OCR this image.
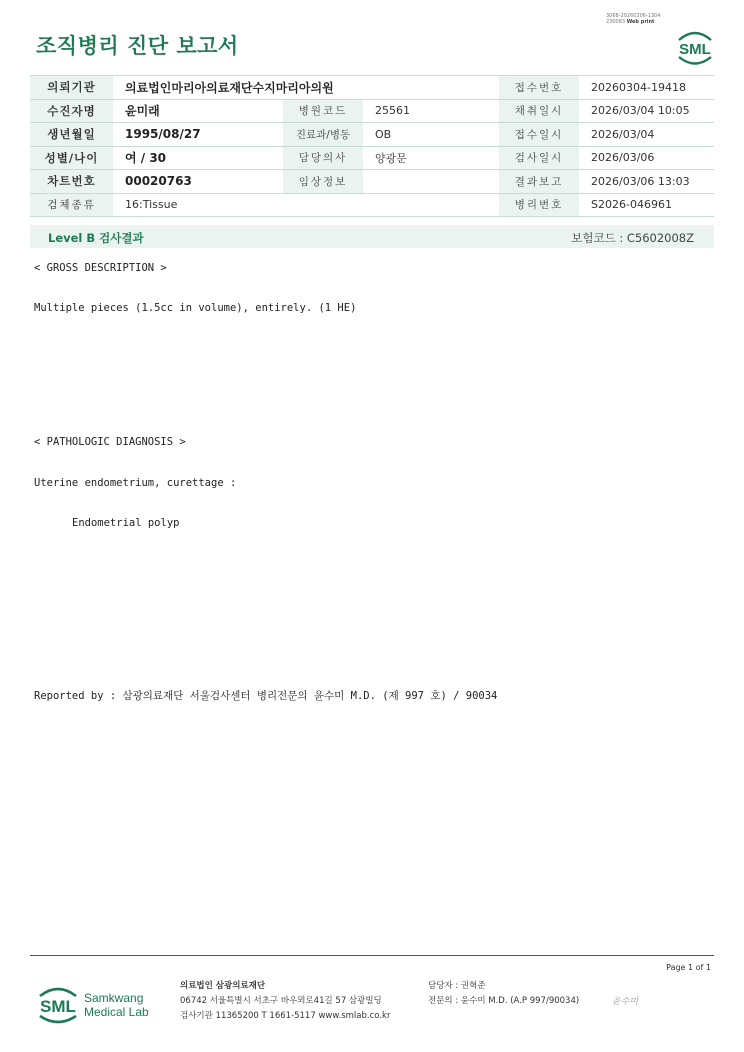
조직병리 진단 보고서
3068-20260306-1304
230083 Web print
SML
의뢰기관	의료법인마리아의료재단수지마리아의원			접수번호	20260304-19418
수진자명	윤미래	병원코드	25561	채취일시	2026/03/04 10:05
생년월일	1995/08/27	진료과/병동	OB	접수일시	2026/03/04
성별/나이	여 / 30	담당의사	양광문	검사일시	2026/03/06
차트번호	00020763	임상정보		결과보고	2026/03/06 13:03
검체종류	16:Tissue			병리번호	S2026-046961
Level B 검사결과	보험코드 : C5602008Z
< GROSS DESCRIPTION >
Multiple pieces (1.5cc in volume), entirely. (1 HE)
< PATHOLOGIC DIAGNOSIS >
Uterine endometrium, curettage :
Endometrial polyp
Reported by : 삼광의료재단 서울검사센터 병리전문의 윤수미 M.D. (제 997 호) / 90034
Page 1 of 1
SML Samkwang
Medical Lab
의료법인 삼광의료재단
06742 서울특별시 서초구 바우뫼로41길 57 삼광빌딩
검사기관 11365200 T 1661-5117 www.smlab.co.kr
담당자 : 권혁준
전문의 : 윤수미 M.D. (A.P 997/90034)	윤수미
